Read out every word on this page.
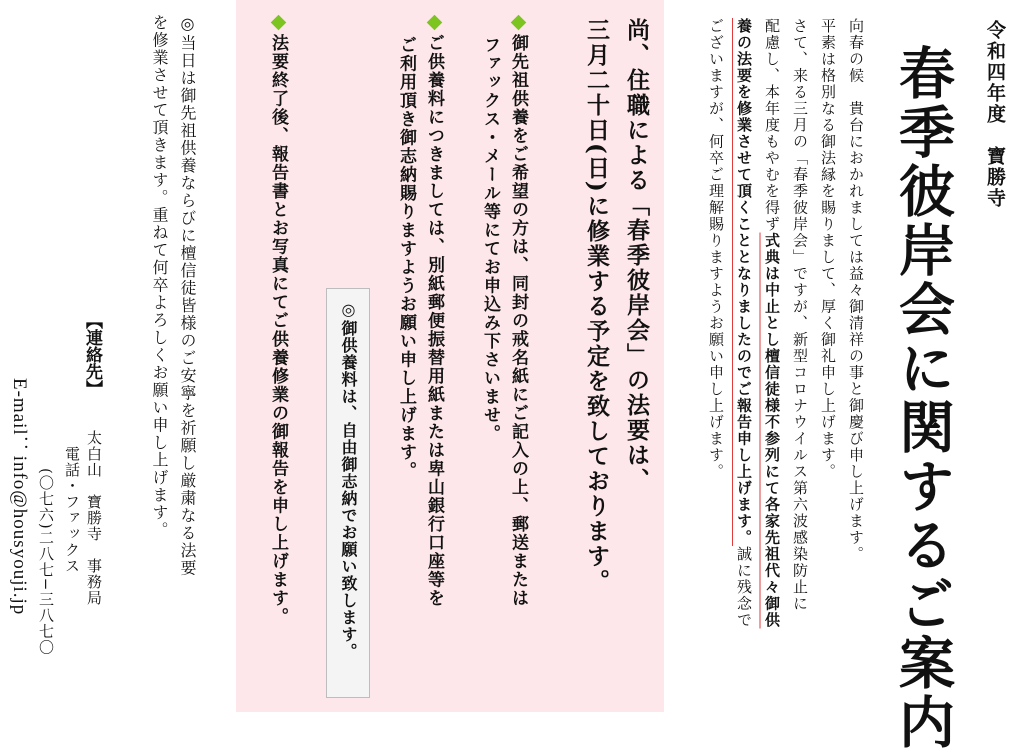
令和四年度　寶勝寺
春季彼岸会に関するご案内
向春の候　貴台におかれましては益々御清祥の事と御慶び申し上げます。
平素は格別なる御法縁を賜りまして、厚く御礼申し上げます。
さて、来る三月の「春季彼岸会」ですが、新型コロナウイルス第六波感染防止に
配慮し、本年度もやむを得ず式典は中止とし檀信徒様不参列にて各家先祖代々御供
養の法要を修業させて頂くこととなりましたのでご報告申し上げます。誠に残念で
ございますが、何卒ご理解賜りますようお願い申し上げます。
尚、住職による「春季彼岸会」の法要は、
三月二十日(日)に修業する予定を致しております。
御先祖供養をご希望の方は、同封の戒名紙にご記入の上、郵送または
ファックス・メール等にてお申込み下さいませ。
ご供養料につきましては、別紙郵便振替用紙または卑山銀行口座等を
ご利用頂き御志納賜りますようお願い申し上げます。
◎御供養料は、自由御志納でお願い致します。
法要終了後、報告書とお写真にてご供養修業の御報告を申し上げます。
◎当日は御先祖供養ならびに檀信徒皆様のご安寧を祈願し厳粛なる法要
を修業させて頂きます。重ねて何卒よろしくお願い申し上げます。
【連絡先】
太白山　寶勝寺　事務局
電話・ファックス
(〇七六)二八七−三八七〇
E-mail：info@housyouji.jp
